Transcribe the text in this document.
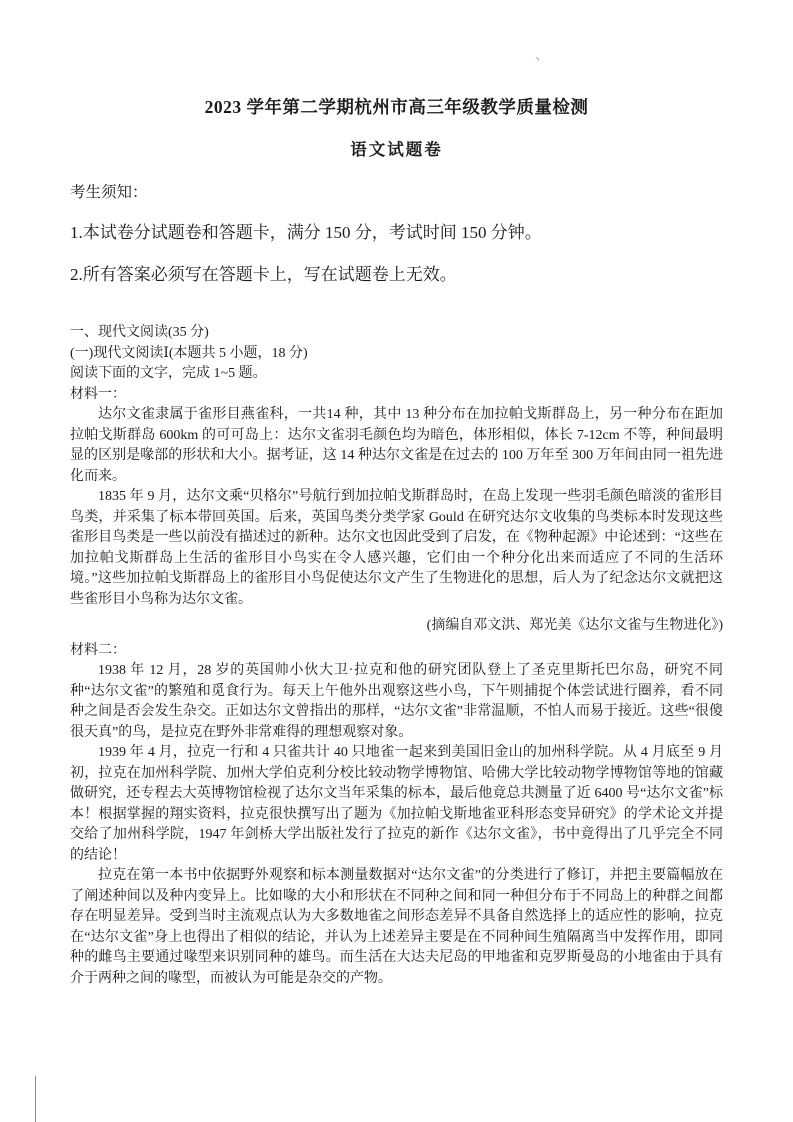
丶
2023 学年第二学期杭州市高三年级教学质量检测
语文试题卷
考生须知：
1.本试卷分试题卷和答题卡，满分 150 分，考试时间 150 分钟。
2.所有答案必须写在答题卡上，写在试题卷上无效。
一、现代文阅读(35 分)
(一)现代文阅读Ⅰ(本题共 5 小题，18 分)
阅读下面的文字，完成 1~5 题。
材料一：

达尔文雀隶属于雀形目燕雀科，一共14 种，其中 13 种分布在加拉帕戈斯群岛上，另一种分布在距加拉帕戈斯群岛 600km 的可可岛上：达尔文雀羽毛颜色均为暗色，体形相似，体长 7-12cm 不等，种间最明显的区别是喙部的形状和大小。据考证，这 14 种达尔文雀是在过去的 100 万年至 300 万年间由同一祖先进化而来。

1835 年 9 月，达尔文乘“贝格尔”号航行到加拉帕戈斯群岛时，在岛上发现一些羽毛颜色暗淡的雀形目鸟类，并采集了标本带回英国。后来，英国鸟类分类学家 Gould 在研究达尔文收集的鸟类标本时发现这些雀形目鸟类是一些以前没有描述过的新种。达尔文也因此受到了启发，在《物种起源》中论述到：“这些在加拉帕戈斯群岛上生活的雀形目小鸟实在令人感兴趣，它们由一个种分化出来而适应了不同的生活环境。”这些加拉帕戈斯群岛上的雀形目小鸟促使达尔文产生了生物进化的思想，后人为了纪念达尔文就把这些雀形目小鸟称为达尔文雀。

(摘编自邓文洪、郑光美《达尔文雀与生物进化》)
材料二：

1938 年 12 月，28 岁的英国帅小伙大卫·拉克和他的研究团队登上了圣克里斯托巴尔岛，研究不同种“达尔文雀”的繁殖和觅食行为。每天上午他外出观察这些小鸟，下午则捕捉个体尝试进行圈养，看不同种之间是否会发生杂交。正如达尔文曾指出的那样，“达尔文雀”非常温顺，不怕人而易于接近。这些“很傻很天真”的鸟，是拉克在野外非常难得的理想观察对象。

1939 年 4 月，拉克一行和 4 只雀共计 40 只地雀一起来到美国旧金山的加州科学院。从 4 月底至 9 月初，拉克在加州科学院、加州大学伯克利分校比较动物学博物馆、哈佛大学比较动物学博物馆等地的馆藏做研究，还专程去大英博物馆检视了达尔文当年采集的标本，最后他竟总共测量了近 6400 号“达尔文雀”标本！根据掌握的翔实资料，拉克很快撰写出了题为《加拉帕戈斯地雀亚科形态变异研究》的学术论文并提交给了加州科学院，1947 年剑桥大学出版社发行了拉克的新作《达尔文雀》，书中竟得出了几乎完全不同的结论！

拉克在第一本书中依据野外观察和标本测量数据对“达尔文雀”的分类进行了修订，并把主要篇幅放在了阐述种间以及种内变异上。比如喙的大小和形状在不同种之间和同一种但分布于不同岛上的种群之间都存在明显差异。受到当时主流观点认为大多数地雀之间形态差异不具备自然选择上的适应性的影响，拉克在“达尔文雀”身上也得出了相似的结论，并认为上述差异主要是在不同种间生殖隔离当中发挥作用，即同种的雌鸟主要通过喙型来识别同种的雄鸟。而生活在大达夫尼岛的甲地雀和克罗斯曼岛的小地雀由于具有介于两种之间的喙型，而被认为可能是杂交的产物。
